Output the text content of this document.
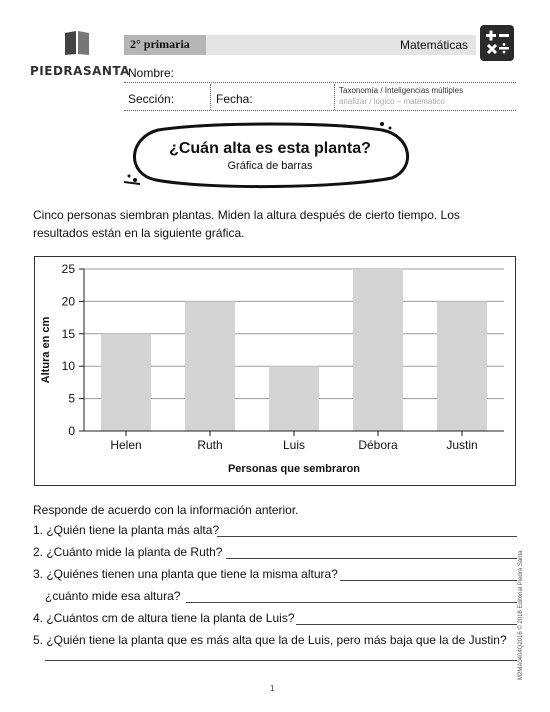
PIEDRASANTA
2° primaria	Matemáticas
Nombre:
Sección:	Fecha:
Taxonomía / Inteligencias múltiples
analizar / lógico – matemático
¿Cuán alta es esta planta?
Gráfica de barras
Cinco personas siembran plantas. Miden la altura después de cierto tiempo. Los resultados están en la siguiente gráfica.
0
5
10
15
20
25
Helen	Ruth	Luis	Débora	Justin
Altura en cm
Personas que sembraron
Responde de acuerdo con la información anterior.
1. ¿Quién tiene la planta más alta?
2. ¿Cuánto mide la planta de Ruth?
3. ¿Quiénes tienen una planta que tiene la misma altura?
¿cuánto mide esa altura?
4. ¿Cuántos cm de altura tiene la planta de Luis?
5. ¿Quién tiene la planta que es más alta que la de Luis, pero más baja que la de Justin?
1
M2MA0404Q2016 © 2016 Editorial Piedra Santa
